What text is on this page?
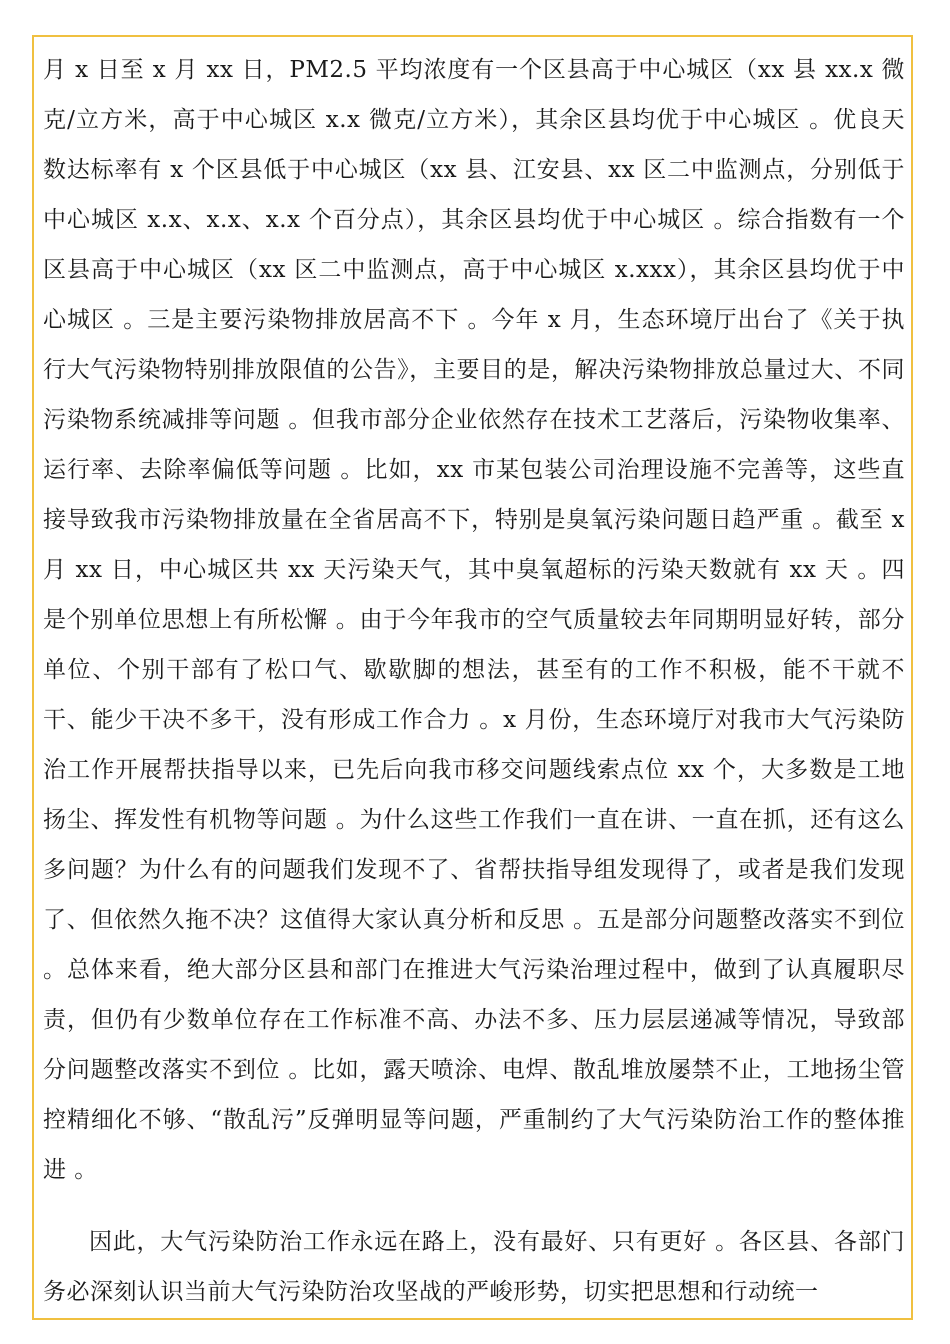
月 x 日至 x 月 xx 日，PM2.5 平均浓度有一个区县高于中心城区（xx 县 xx.x 微克/立方米，高于中心城区 x.x 微克/立方米），其余区县均优于中心城区 。优良天数达标率有 x 个区县低于中心城区（xx 县、江安县、xx 区二中监测点，分别低于中心城区 x.x、x.x、x.x 个百分点），其余区县均优于中心城区 。综合指数有一个区县高于中心城区（xx 区二中监测点，高于中心城区 x.xxx），其余区县均优于中心城区 。三是主要污染物排放居高不下 。今年 x 月，生态环境厅出台了《关于执行大气污染物特别排放限值的公告》，主要目的是，解决污染物排放总量过大、不同污染物系统减排等问题 。但我市部分企业依然存在技术工艺落后，污染物收集率、运行率、去除率偏低等问题 。比如，xx 市某包装公司治理设施不完善等，这些直接导致我市污染物排放量在全省居高不下，特别是臭氧污染问题日趋严重 。截至 x 月 xx 日，中心城区共 xx 天污染天气，其中臭氧超标的污染天数就有 xx 天 。四是个别单位思想上有所松懈 。由于今年我市的空气质量较去年同期明显好转，部分单位、个别干部有了松口气、歇歇脚的想法，甚至有的工作不积极，能不干就不干、能少干决不多干，没有形成工作合力 。x 月份，生态环境厅对我市大气污染防治工作开展帮扶指导以来，已先后向我市移交问题线索点位 xx 个，大多数是工地扬尘、挥发性有机物等问题 。为什么这些工作我们一直在讲、一直在抓，还有这么多问题？为什么有的问题我们发现不了、省帮扶指导组发现得了，或者是我们发现了、但依然久拖不决？这值得大家认真分析和反思 。五是部分问题整改落实不到位 。总体来看，绝大部分区县和部门在推进大气污染治理过程中，做到了认真履职尽责，但仍有少数单位存在工作标准不高、办法不多、压力层层递减等情况，导致部分问题整改落实不到位 。比如，露天喷涂、电焊、散乱堆放屡禁不止，工地扬尘管控精细化不够、“散乱污”反弹明显等问题，严重制约了大气污染防治工作的整体推进 。

因此，大气污染防治工作永远在路上，没有最好、只有更好 。各区县、各部门务必深刻认识当前大气污染防治攻坚战的严峻形势，切实把思想和行动统一
